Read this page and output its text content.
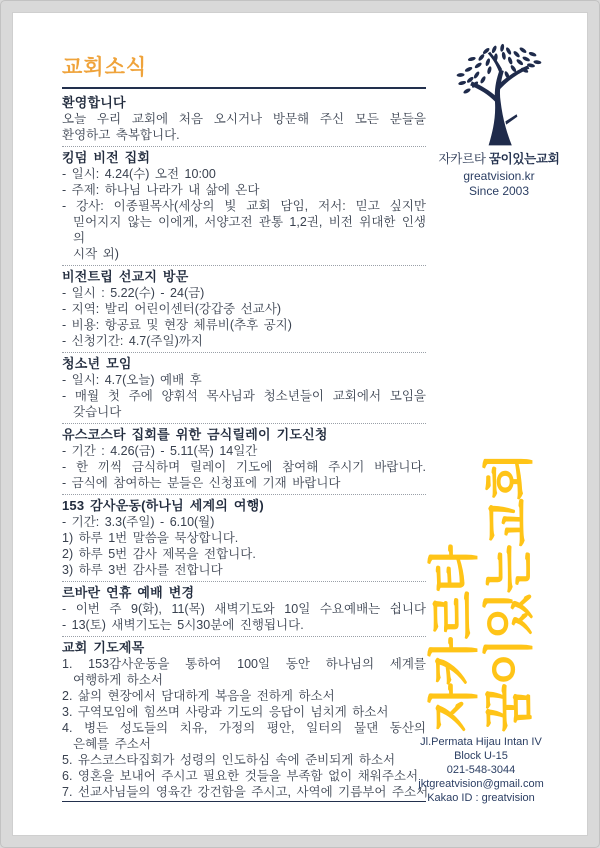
교회소식
환영합니다
오늘 우리 교회에 처음 오시거나 방문해 주신 모든 분들을
환영하고 축복합니다.
킹덤 비전 집회
- 일시: 4.24(수) 오전 10:00
- 주제: 하나님 나라가 내 삶에 온다
- 강사: 이종필목사(세상의 빛 교회 담임, 저서: 믿고 싶지만
믿어지지 않는 이에게, 서양고전 관통 1,2권, 비전 위대한 인생의
시작 외)
비전트립 선교지 방문
- 일시 : 5.22(수) - 24(금)
- 지역: 발리 어린이센터(강갑중 선교사)
- 비용: 항공료 및 현장 체류비(추후 공지)
- 신청기간: 4.7(주일)까지
청소년 모임
- 일시: 4.7(오늘) 예배 후
- 매월 첫 주에 양휘석 목사님과 청소년들이 교회에서 모임을
갖습니다
유스코스타 집회를 위한 금식릴레이 기도신청
- 기간 : 4.26(금) - 5.11(목) 14일간
- 한 끼씩 금식하며 릴레이 기도에 참여해 주시기 바랍니다.
- 금식에 참여하는 분들은 신청표에 기재 바랍니다
153 감사운동(하나님 세계의 여행)
- 기간: 3.3(주일) - 6.10(월)
1) 하루 1번 말씀을 묵상합니다.
2) 하루 5번 감사 제목을 전합니다.
3) 하루 3번 감사를 전합니다
르바란 연휴 예배 변경
- 이번 주 9(화), 11(목) 새벽기도와 10일 수요예배는 쉽니다
- 13(토) 새벽기도는 5시30분에 진행됩니다.
교회 기도제목
1. 153감사운동을 통하여 100일 동안 하나님의 세계를
여행하게 하소서
2. 삶의 현장에서 담대하게 복음을 전하게 하소서
3. 구역모임에 힘쓰며 사랑과 기도의 응답이 넘치게 하소서
4. 병든 성도들의 치유, 가정의 평안, 일터의 물댄 동산의
은혜를 주소서
5. 유스코스타집회가 성령의 인도하심 속에 준비되게 하소서
6. 영혼을 보내어 주시고 필요한 것들을 부족함 없이 채워주소서
7. 선교사님들의 영육간 강건함을 주시고, 사역에 기름부어 주소서
자카르타 꿈이있는교회
greatvision.kr
Since 2003
자카르타 꿈이있는교회
Jl.Permata Hijau Intan IV
Block U-15
021-548-3044
jktgreatvision@gmail.com
Kakao ID : greatvision
